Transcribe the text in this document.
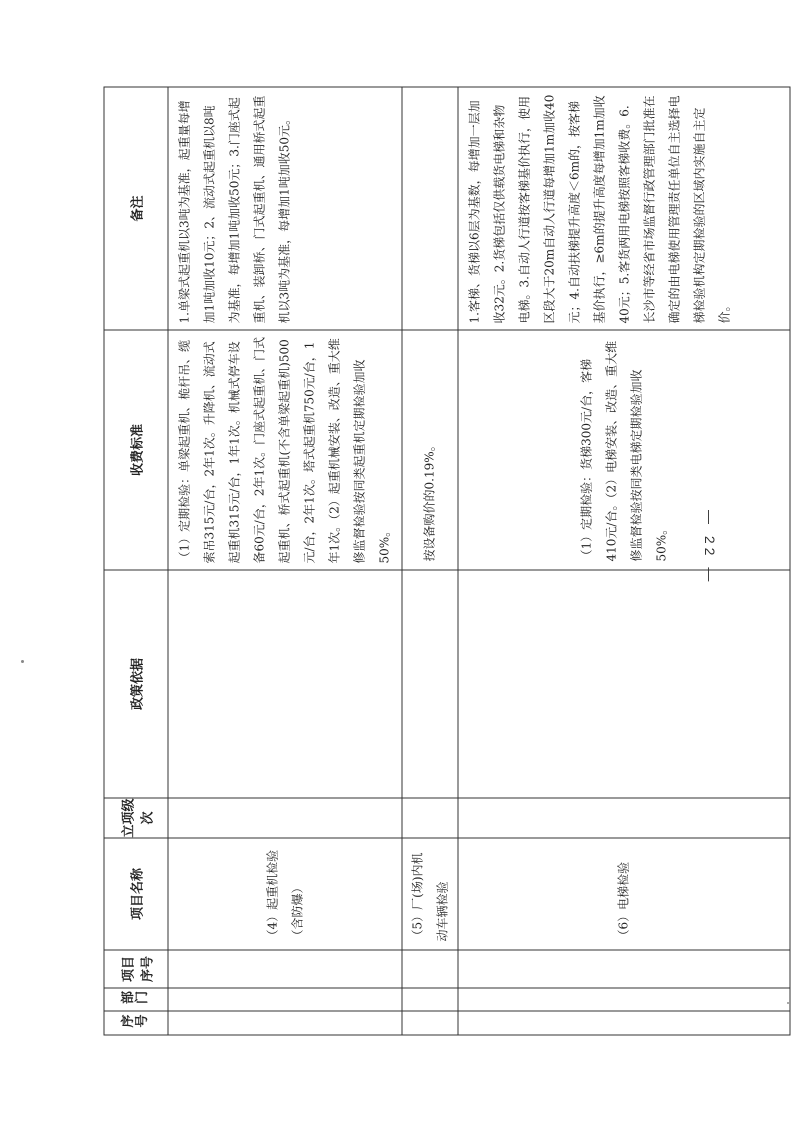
序号	部门	项目序号	项目名称	立项级次	政策依据	收费标准	备注

			（4）起重机检验（含防爆）			（1）定期检验：单梁起重机、桅杆吊、缆索吊315元/台，2年1次。升降机、流动式起重机315元/台，1年1次。机械式停车设备60元/台，2年1次。门座式起重机、门式起重机、桥式起重机(不含单梁起重机)500元/台，2年1次。塔式起重机750元/台，1年1次。（2）起重机械安装、改造、重大维修监督检验按同类起重机定期检验加收50%。	1.单梁式起重机以3吨为基准，起重量每增加1吨加收10元；2、流动式起重机以8吨为基准，每增加1吨加收50元；3.门座式起重机、装卸桥、门式起重机、通用桥式起重机以3吨为基准，每增加1吨加收50元。

			（5）厂(场)内机动车辆检验			按设备购价的0.19%。	

			（6）电梯检验			（1）定期检验：货梯300元/台，客梯410元/台。（2）电梯安装、改造、重大维修监督检验按同类电梯定期检验加收50%。	1.客梯、货梯以6层为基数，每增加一层加收32元。2.货梯包括仅供载货电梯和杂物电梯。3.自动人行道按客梯基价执行，使用区段大于20m自动人行道每增加1m加收40元；4.自动扶梯提升高度＜6m的，按客梯基价执行，≥6m的提升高度每增加1m加收40元；5.客货两用电梯按照客梯收费。6.长沙市等经省市场监督行政管理部门批准在确定的由电梯使用管理责任单位自主选择电梯检验机构定期检验的区域内实施自主定价。
— 22 —
